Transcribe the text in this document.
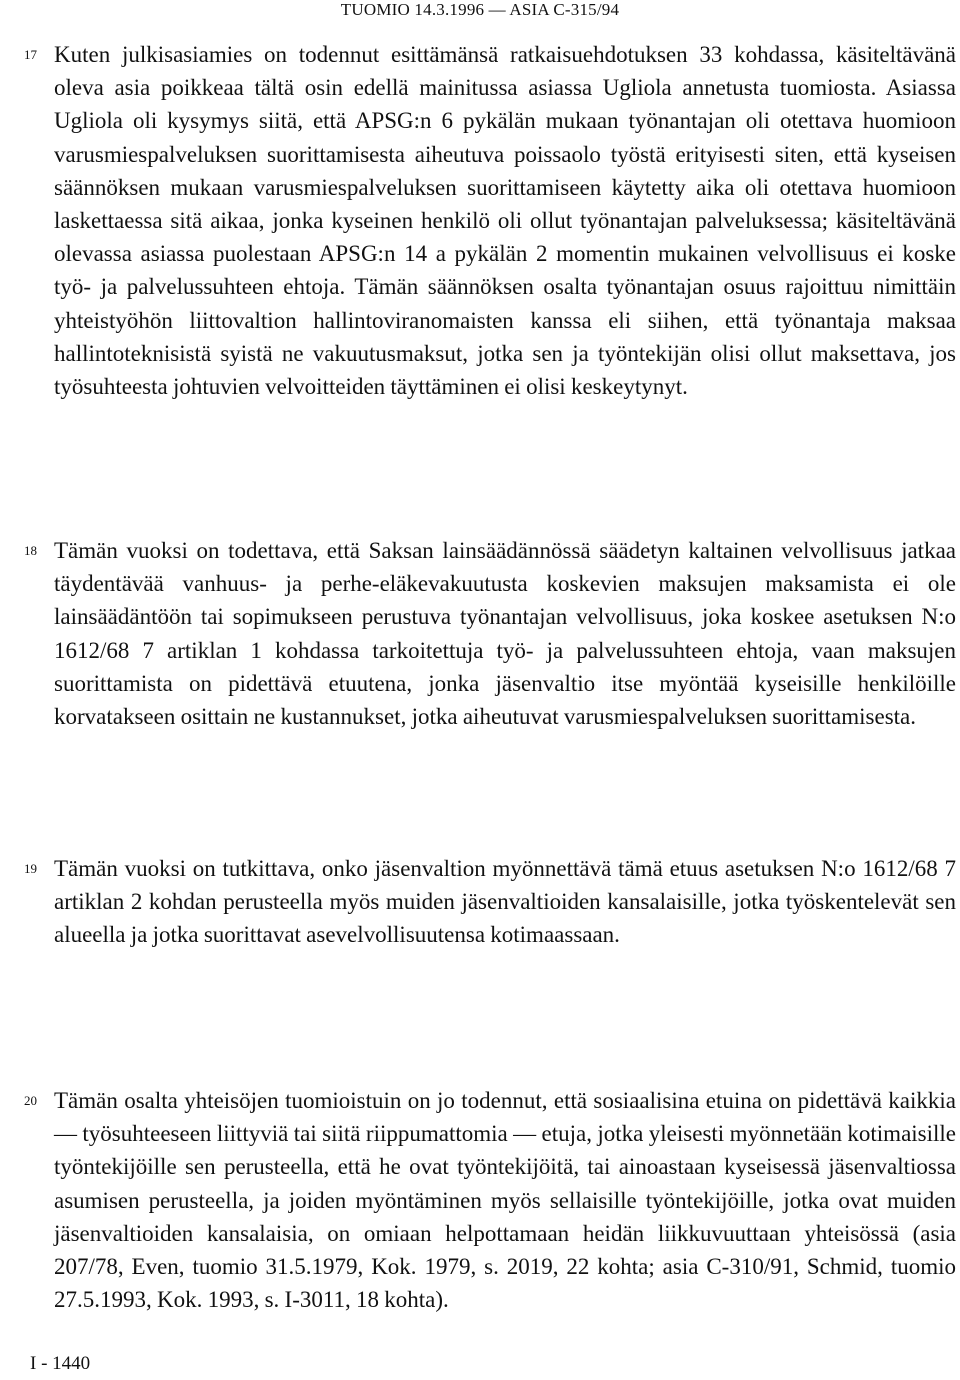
TUOMIO 14.3.1996 — ASIA C-315/94
17 Kuten julkisasiamies on todennut esittämänsä ratkaisuehdotuksen 33 kohdassa, käsiteltävänä oleva asia poikkeaa tältä osin edellä mainitussa asiassa Ugliola annetusta tuomiosta. Asiassa Ugliola oli kysymys siitä, että APSG:n 6 pykälän mukaan työnantajan oli otettava huomioon varusmiespalveluksen suorittamisesta aiheutuva poissaolo työstä erityisesti siten, että kyseisen säännöksen mukaan varusmiespalveluksen suorittamiseen käytetty aika oli otettava huomioon laskettaessa sitä aikaa, jonka kyseinen henkilö oli ollut työnantajan palveluksessa; käsiteltävänä olevassa asiassa puolestaan APSG:n 14 a pykälän 2 momentin mukainen velvollisuus ei koske työ- ja palvelussuhteen ehtoja. Tämän säännöksen osalta työnantajan osuus rajoittuu nimittäin yhteistyöhön liittovaltion hallintoviranomaisten kanssa eli siihen, että työnantaja maksaa hallintoteknisistä syistä ne vakuutusmaksut, jotka sen ja työntekijän olisi ollut maksettava, jos työsuhteesta johtuvien velvoitteiden täyttäminen ei olisi keskeytynyt.
18 Tämän vuoksi on todettava, että Saksan lainsäädännössä säädetyn kaltainen velvollisuus jatkaa täydentävää vanhuus- ja perhe-eläkevakuutusta koskevien maksujen maksamista ei ole lainsäädäntöön tai sopimukseen perustuva työnantajan velvollisuus, joka koskee asetuksen N:o 1612/68 7 artiklan 1 kohdassa tarkoitettuja työ- ja palvelussuhteen ehtoja, vaan maksujen suorittamista on pidettävä etuutena, jonka jäsenvaltio itse myöntää kyseisille henkilöille korvatakseen osittain ne kustannukset, jotka aiheutuvat varusmiespalveluksen suorittamisesta.
19 Tämän vuoksi on tutkittava, onko jäsenvaltion myönnettävä tämä etuus asetuksen N:o 1612/68 7 artiklan 2 kohdan perusteella myös muiden jäsenvaltioiden kansalaisille, jotka työskentelevät sen alueella ja jotka suorittavat asevelvollisuutensa kotimaassaan.
20 Tämän osalta yhteisöjen tuomioistuin on jo todennut, että sosiaalisina etuina on pidettävä kaikkia — työsuhteeseen liittyviä tai siitä riippumattomia — etuja, jotka yleisesti myönnetään kotimaisille työntekijöille sen perusteella, että he ovat työntekijöitä, tai ainoastaan kyseisessä jäsenvaltiossa asumisen perusteella, ja joiden myöntäminen myös sellaisille työntekijöille, jotka ovat muiden jäsenvaltioiden kansalaisia, on omiaan helpottamaan heidän liikkuvuuttaan yhteisössä (asia 207/78, Even, tuomio 31.5.1979, Kok. 1979, s. 2019, 22 kohta; asia C-310/91, Schmid, tuomio 27.5.1993, Kok. 1993, s. I-3011, 18 kohta).
I - 1440
